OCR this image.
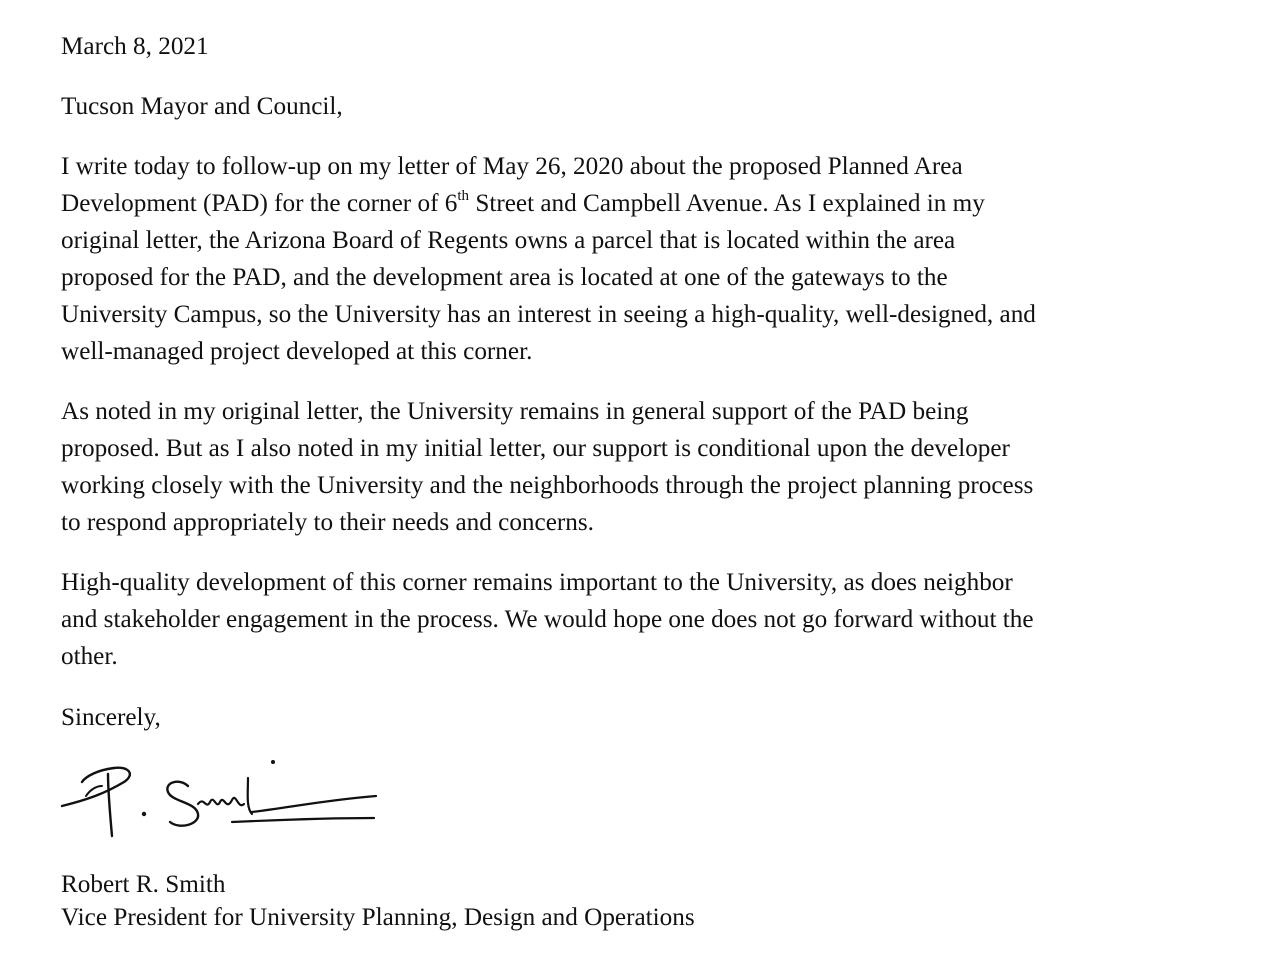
March 8, 2021
Tucson Mayor and Council,
I write today to follow-up on my letter of May 26, 2020 about the proposed Planned Area
Development (PAD) for the corner of 6th Street and Campbell Avenue. As I explained in my
original letter, the Arizona Board of Regents owns a parcel that is located within the area
proposed for the PAD, and the development area is located at one of the gateways to the
University Campus, so the University has an interest in seeing a high-quality, well-designed, and
well-managed project developed at this corner.
As noted in my original letter, the University remains in general support of the PAD being
proposed. But as I also noted in my initial letter, our support is conditional upon the developer
working closely with the University and the neighborhoods through the project planning process
to respond appropriately to their needs and concerns.
High-quality development of this corner remains important to the University, as does neighbor
and stakeholder engagement in the process. We would hope one does not go forward without the
other.
Sincerely,
Robert R. Smith
Vice President for University Planning, Design and Operations
